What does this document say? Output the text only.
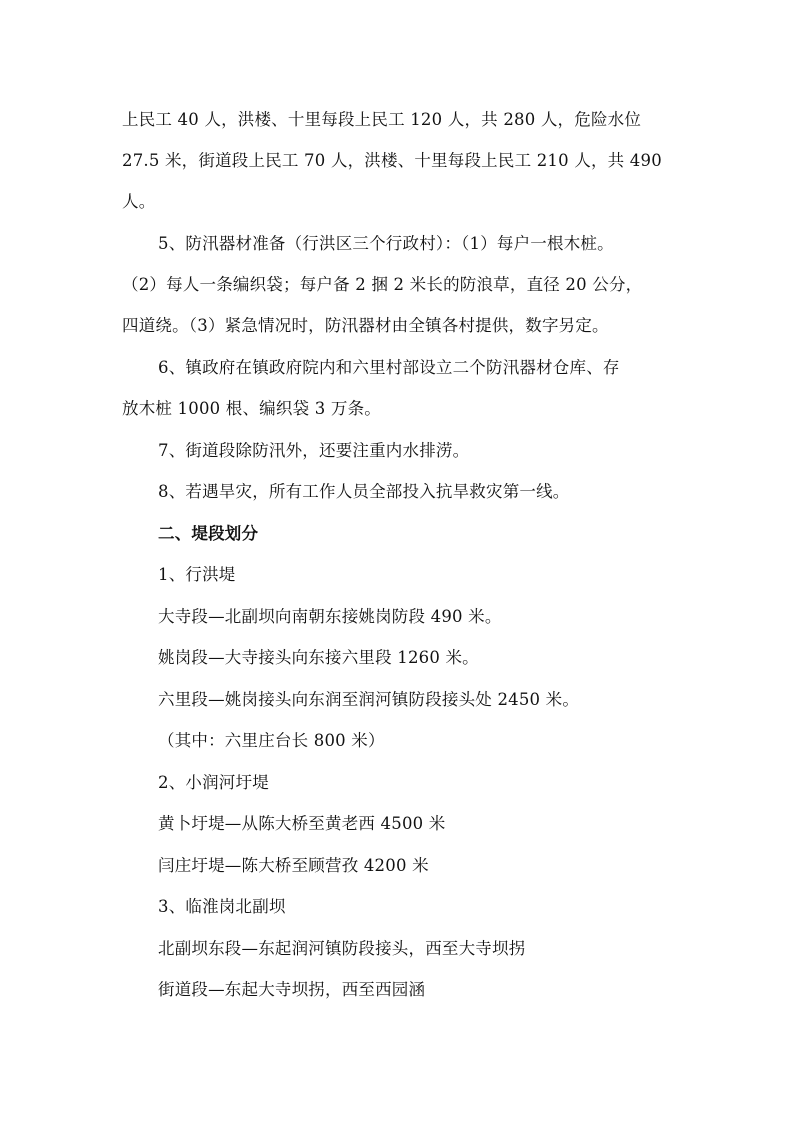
上民工 40 人，洪楼、十里每段上民工 120 人，共 280 人，危险水位
27.5 米，街道段上民工 70 人，洪楼、十里每段上民工 210 人，共 490
人。
5、防汛器材准备（行洪区三个行政村）：（1）每户一根木桩。
（2）每人一条编织袋；每户备 2 捆 2 米长的防浪草，直径 20 公分，
四道绕。（3）紧急情况时，防汛器材由全镇各村提供，数字另定。
6、镇政府在镇政府院内和六里村部设立二个防汛器材仓库、存
放木桩 1000 根、编织袋 3 万条。
7、街道段除防汛外，还要注重内水排涝。
8、若遇旱灾，所有工作人员全部投入抗旱救灾第一线。
二、堤段划分
1、行洪堤
大寺段—北副坝向南朝东接姚岗防段 490 米。
姚岗段—大寺接头向东接六里段 1260 米。
六里段—姚岗接头向东润至润河镇防段接头处 2450 米。
（其中：六里庄台长 800 米）
2、小润河圩堤
黄卜圩堤—从陈大桥至黄老西 4500 米
闫庄圩堤—陈大桥至顾营孜 4200 米
3、临淮岗北副坝
北副坝东段—东起润河镇防段接头，西至大寺坝拐
街道段—东起大寺坝拐，西至西园涵
